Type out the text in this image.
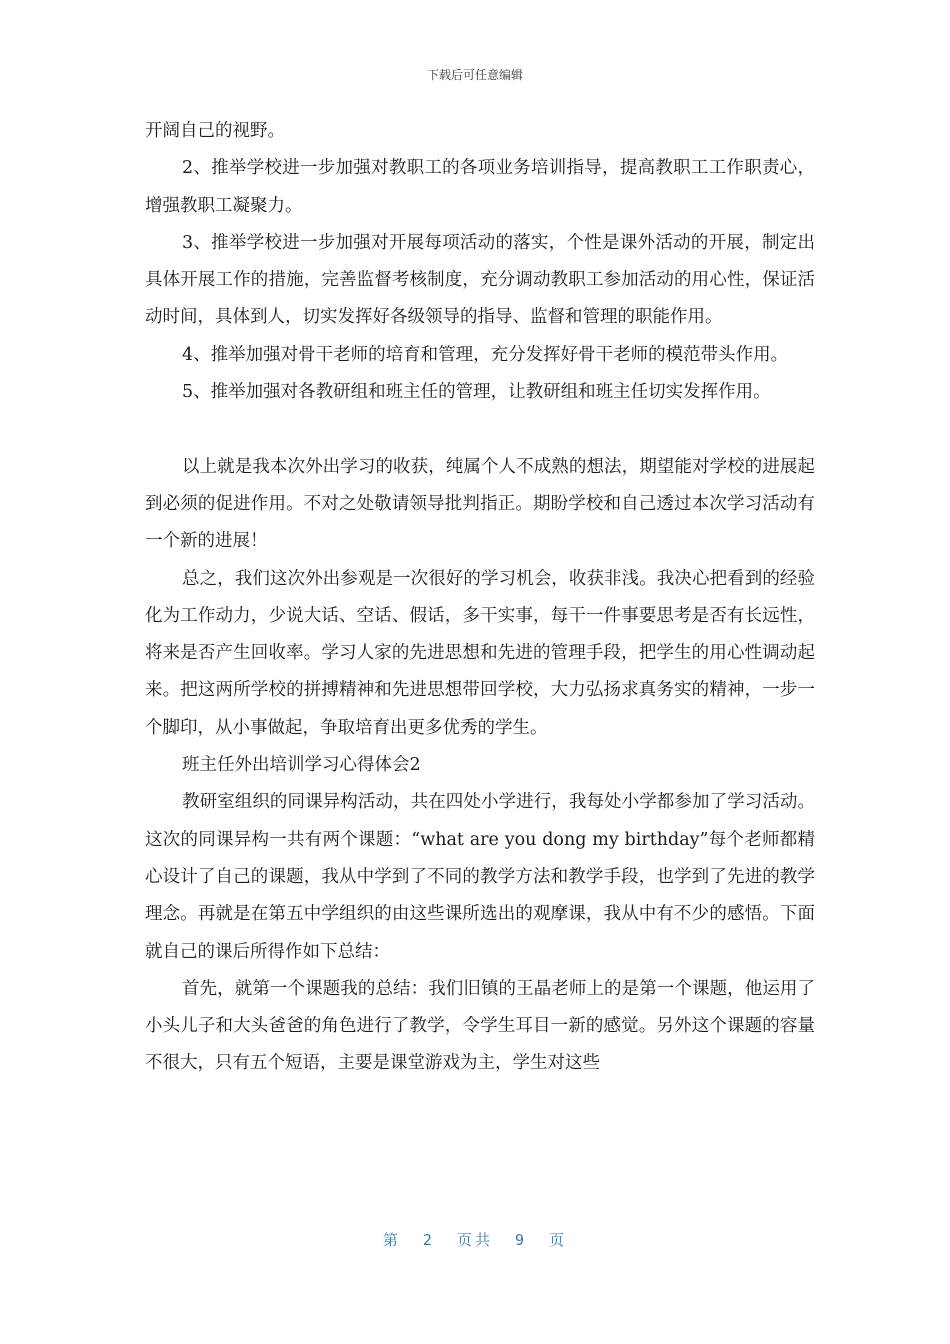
下载后可任意编辑

开阔自己的视野。

2、推举学校进一步加强对教职工的各项业务培训指导，提高教职工工作职责心，增强教职工凝聚力。

3、推举学校进一步加强对开展每项活动的落实，个性是课外活动的开展，制定出具体开展工作的措施，完善监督考核制度，充分调动教职工参加活动的用心性，保证活动时间，具体到人，切实发挥好各级领导的指导、监督和管理的职能作用。

4、推举加强对骨干老师的培育和管理，充分发挥好骨干老师的模范带头作用。

5、推举加强对各教研组和班主任的管理，让教研组和班主任切实发挥作用。

以上就是我本次外出学习的收获，纯属个人不成熟的想法，期望能对学校的进展起到必须的促进作用。不对之处敬请领导批判指正。期盼学校和自己透过本次学习活动有一个新的进展！

总之，我们这次外出参观是一次很好的学习机会，收获非浅。我决心把看到的经验化为工作动力，少说大话、空话、假话，多干实事，每干一件事要思考是否有长远性，将来是否产生回收率。学习人家的先进思想和先进的管理手段，把学生的用心性调动起来。把这两所学校的拼搏精神和先进思想带回学校，大力弘扬求真务实的精神，一步一个脚印，从小事做起，争取培育出更多优秀的学生。

班主任外出培训学习心得体会2

教研室组织的同课异构活动，共在四处小学进行，我每处小学都参加了学习活动。这次的同课异构一共有两个课题：“what are you dong my birthday”每个老师都精心设计了自己的课题，我从中学到了不同的教学方法和教学手段，也学到了先进的教学理念。再就是在第五中学组织的由这些课所选出的观摩课，我从中有不少的感悟。下面就自己的课后所得作如下总结：

首先，就第一个课题我的总结：我们旧镇的王晶老师上的是第一个课题，他运用了小头儿子和大头爸爸的角色进行了教学，令学生耳目一新的感觉。另外这个课题的容量不很大，只有五个短语，主要是课堂游戏为主，学生对这些

第 2 页共 9 页
